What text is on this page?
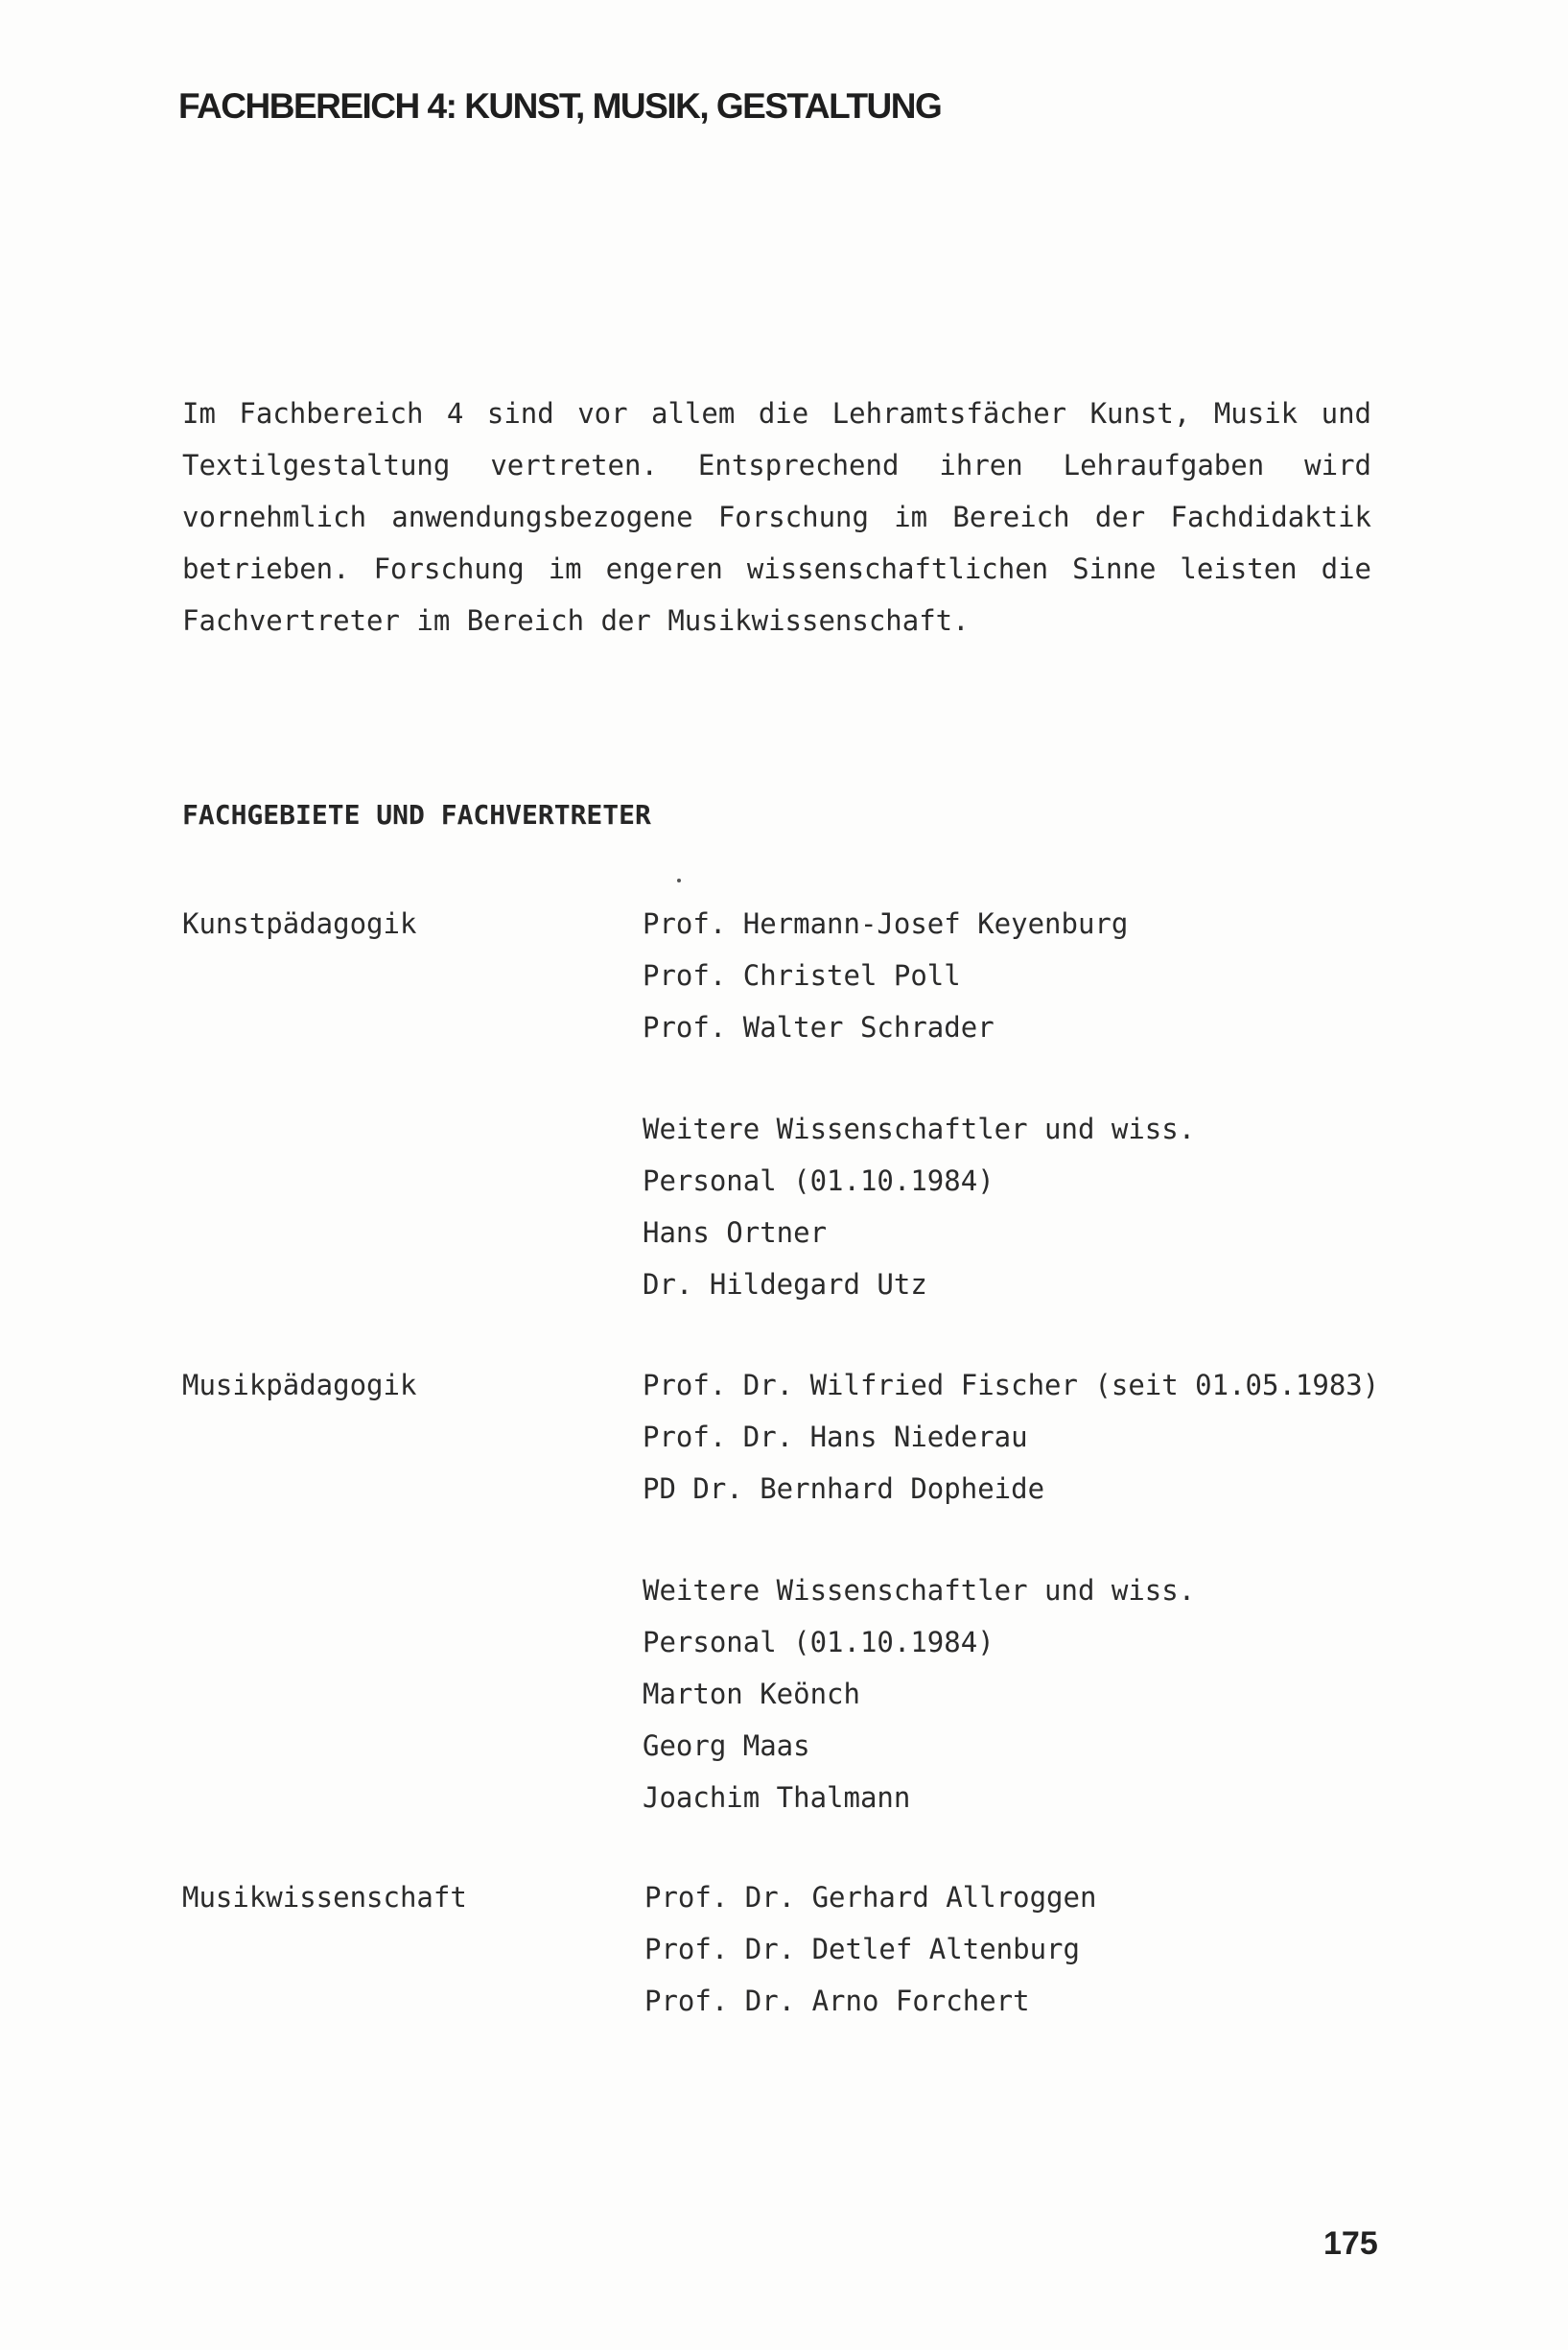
FACHBEREICH 4: KUNST, MUSIK, GESTALTUNG

Im Fachbereich 4 sind vor allem die Lehramtsfächer Kunst, Musik und Textilgestaltung vertreten. Entsprechend ihren Lehraufgaben wird vornehmlich anwendungsbezogene Forschung im Bereich der Fachdidaktik betrieben. Forschung im engeren wissenschaftlichen Sinne leisten die Fachvertreter im Bereich der Musikwissenschaft.

FACHGEBIETE UND FACHVERTRETER
Kunstpädagogik	Prof. Hermann-Josef Keyenburg
Prof. Christel Poll
Prof. Walter Schrader
Weitere Wissenschaftler und wiss.
Personal (01.10.1984)
Hans Ortner
Dr. Hildegard Utz
Musikpädagogik	Prof. Dr. Wilfried Fischer (seit 01.05.1983)
Prof. Dr. Hans Niederau
PD Dr. Bernhard Dopheide
Weitere Wissenschaftler und wiss.
Personal (01.10.1984)
Marton Keönch
Georg Maas
Joachim Thalmann
Musikwissenschaft	Prof. Dr. Gerhard Allroggen
Prof. Dr. Detlef Altenburg
Prof. Dr. Arno Forchert
175
